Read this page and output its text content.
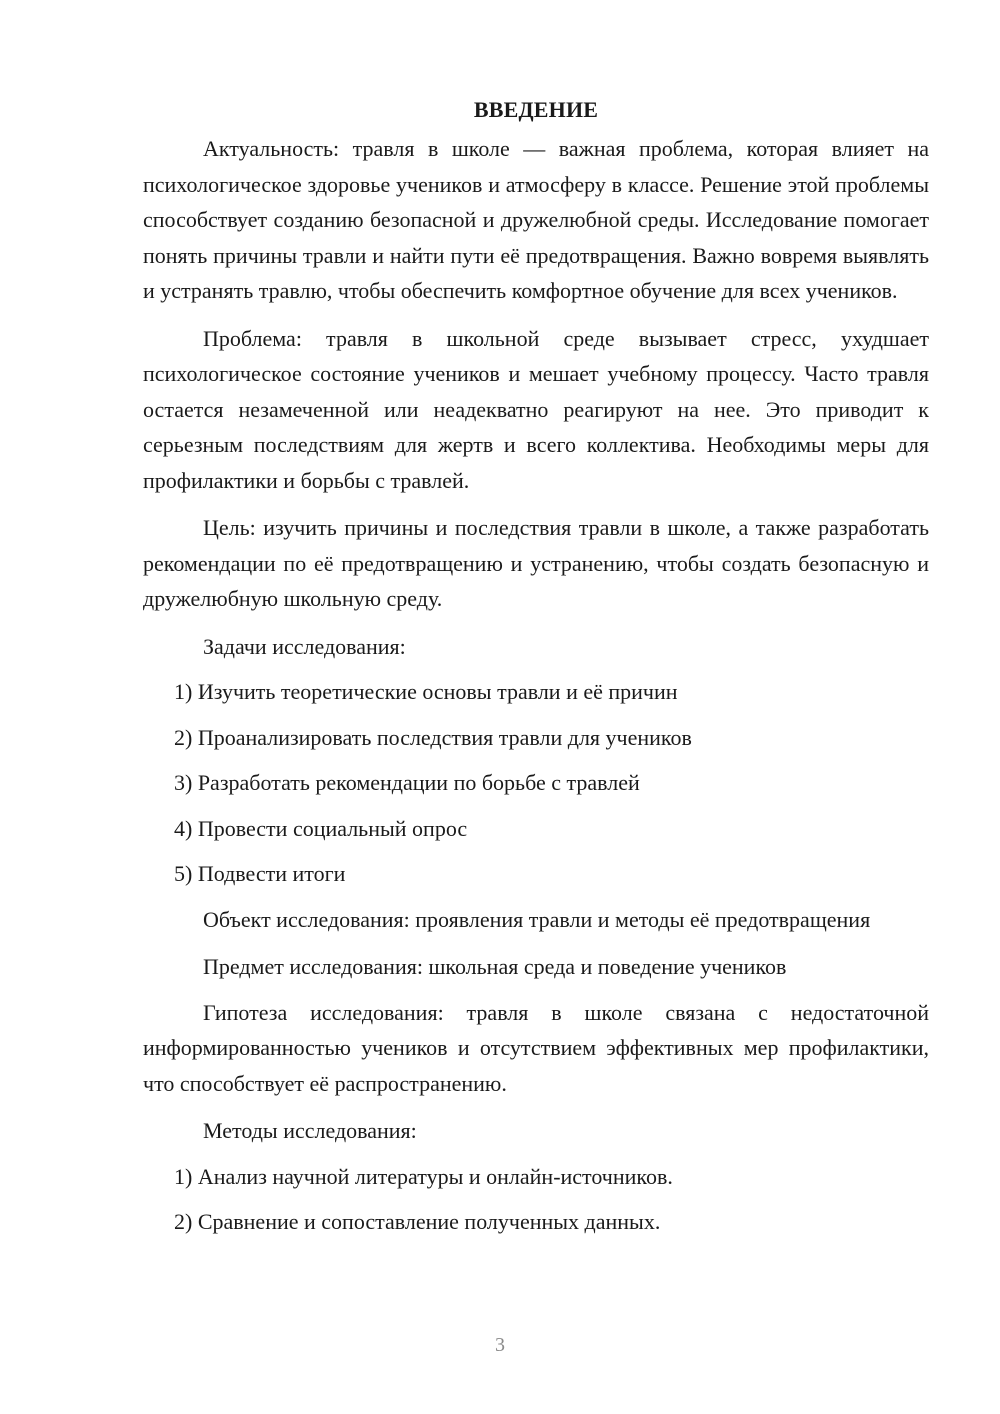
ВВЕДЕНИЕ

Актуальность: травля в школе — важная проблема, которая влияет на психологическое здоровье учеников и атмосферу в классе. Решение этой проблемы способствует созданию безопасной и дружелюбной среды. Исследование помогает понять причины травли и найти пути её предотвращения. Важно вовремя выявлять и устранять травлю, чтобы обеспечить комфортное обучение для всех учеников.

Проблема: травля в школьной среде вызывает стресс, ухудшает психологическое состояние учеников и мешает учебному процессу. Часто травля остается незамеченной или неадекватно реагируют на нее. Это приводит к серьезным последствиям для жертв и всего коллектива. Необходимы меры для профилактики и борьбы с травлей.

Цель: изучить причины и последствия травли в школе, а также разработать рекомендации по её предотвращению и устранению, чтобы создать безопасную и дружелюбную школьную среду.

Задачи исследования:
1) Изучить теоретические основы травли и её причин
2) Проанализировать последствия травли для учеников
3) Разработать рекомендации по борьбе с травлей
4) Провести социальный опрос
5) Подвести итоги

Объект исследования: проявления травли и методы её предотвращения

Предмет исследования: школьная среда и поведение учеников

Гипотеза исследования: травля в школе связана с недостаточной информированностью учеников и отсутствием эффективных мер профилактики, что способствует её распространению.

Методы исследования:
1) Анализ научной литературы и онлайн-источников.
2) Сравнение и сопоставление полученных данных.
3
